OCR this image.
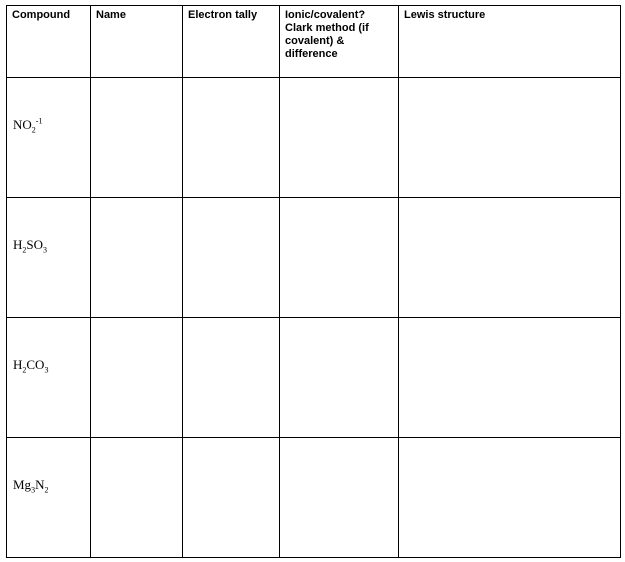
Compound	Name	Electron tally	Ionic/covalent? Clark method (if covalent) & difference	Lewis structure

$NO_2^{-1}$

$H_2SO_3$

$H_2CO_3$

$Mg_3N_2$
